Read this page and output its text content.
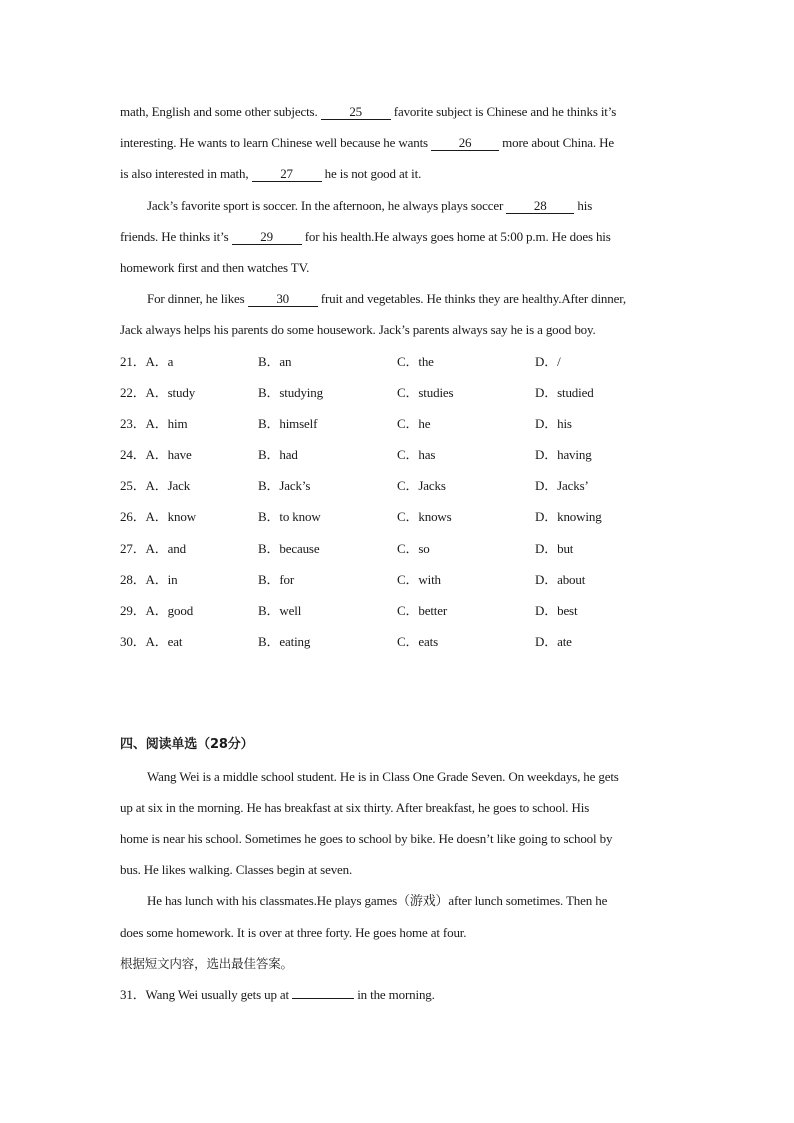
math, English and some other subjects. 25 favorite subject is Chinese and he thinks it’s
interesting. He wants to learn Chinese well because he wants 26 more about China. He
is also interested in math, 27 he is not good at it.
Jack’s favorite sport is soccer. In the afternoon, he always plays soccer 28 his
friends. He thinks it’s 29 for his health.He always goes home at 5:00 p.m. He does his
homework first and then watches TV.
For dinner, he likes 30 fruit and vegetables. He thinks they are healthy.After dinner,
Jack always helps his parents do some housework. Jack’s parents always say he is a good boy.
21．A．a	B．an	C．the	D．/
22．A．study	B．studying	C．studies	D．studied
23．A．him	B．himself	C．he	D．his
24．A．have	B．had	C．has	D．having
25．A．Jack	B．Jack’s	C．Jacks	D．Jacks’
26．A．know	B．to know	C．knows	D．knowing
27．A．and	B．because	C．so	D．but
28．A．in	B．for	C．with	D．about
29．A．good	B．well	C．better	D．best
30．A．eat	B．eating	C．eats	D．ate
四、阅读单选（28分）
Wang Wei is a middle school student. He is in Class One Grade Seven. On weekdays, he gets
up at six in the morning. He has breakfast at six thirty. After breakfast, he goes to school. His
home is near his school. Sometimes he goes to school by bike. He doesn’t like going to school by
bus. He likes walking. Classes begin at seven.
He has lunch with his classmates.He plays games（游戏）after lunch sometimes. Then he
does some homework. It is over at three forty. He goes home at four.
根据短文内容，选出最佳答案。
31．Wang Wei usually gets up at	in the morning.
